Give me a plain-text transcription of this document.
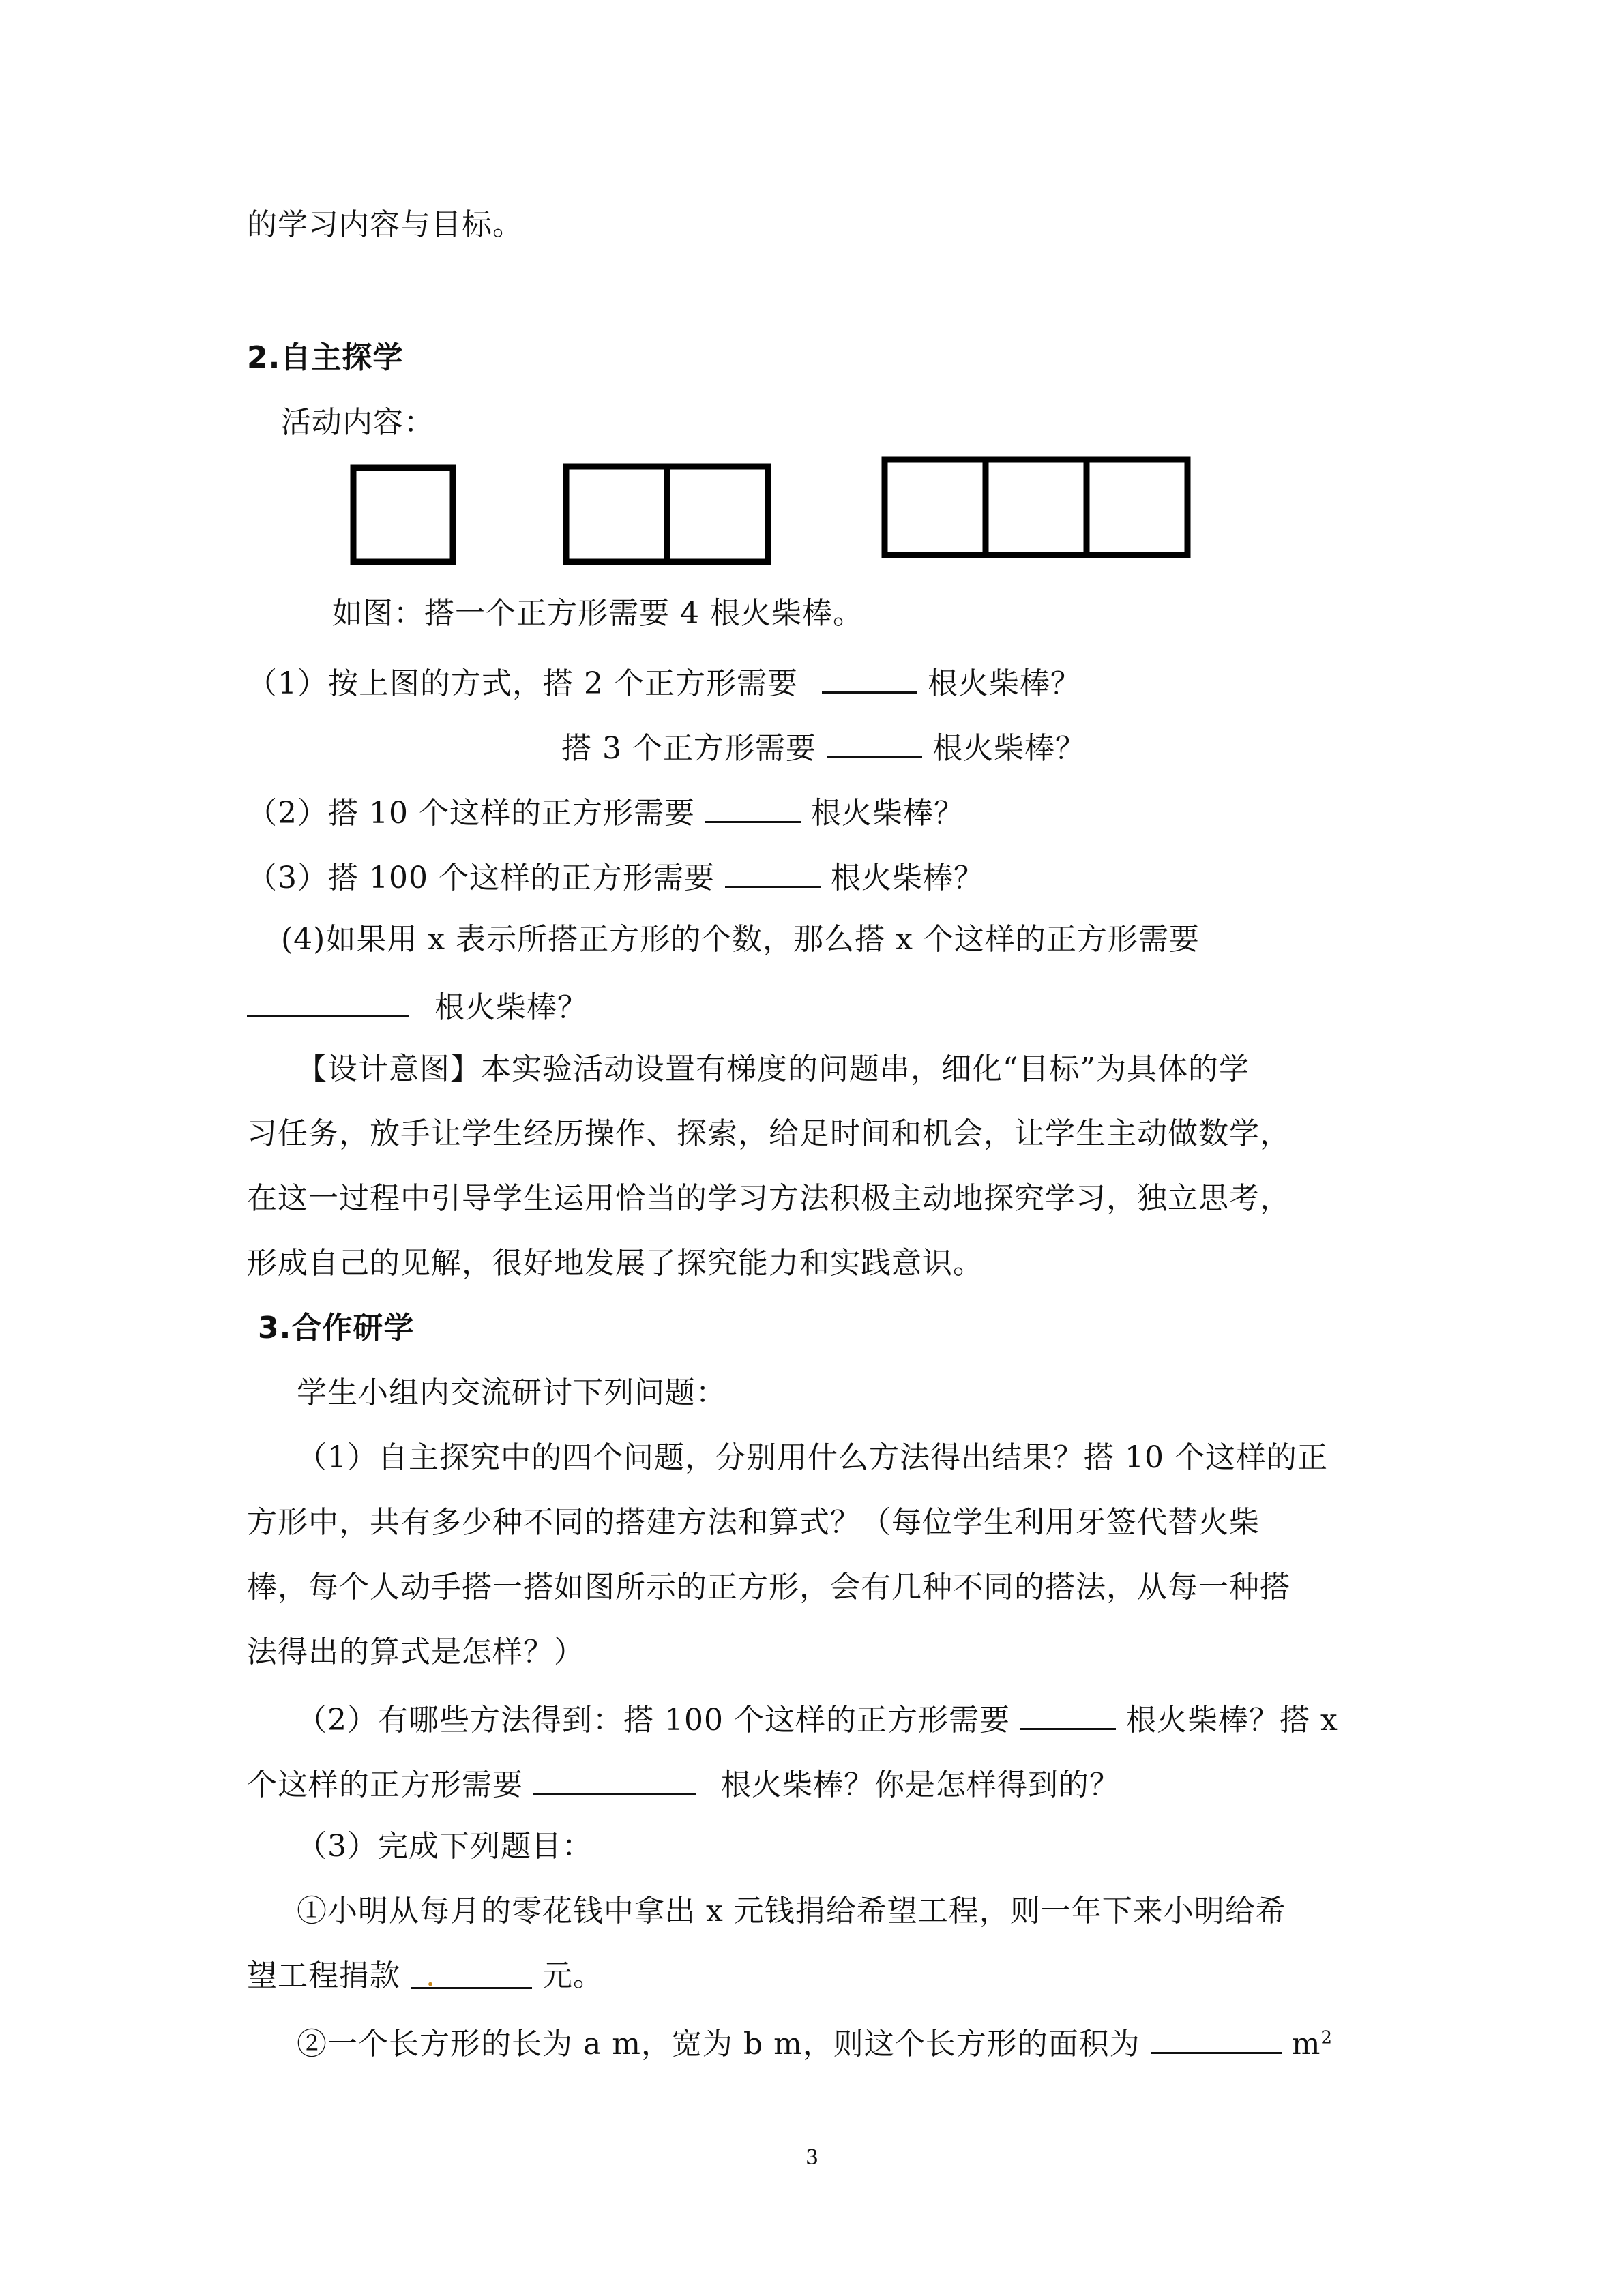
的学习内容与目标。
2.自主探学
活动内容：
如图：搭一个正方形需要 4 根火柴棒。
（1）按上图的方式，搭 2 个正方形需要	根火柴棒？
搭 3 个正方形需要	根火柴棒？
（2）搭 10 个这样的正方形需要	根火柴棒？
（3）搭 100 个这样的正方形需要	根火柴棒？
(4)如果用 x 表示所搭正方形的个数，那么搭 x 个这样的正方形需要
根火柴棒？
【设计意图】本实验活动设置有梯度的问题串，细化“目标”为具体的学
习任务，放手让学生经历操作、探索，给足时间和机会，让学生主动做数学，
在这一过程中引导学生运用恰当的学习方法积极主动地探究学习，独立思考，
形成自己的见解，很好地发展了探究能力和实践意识。
3.合作研学
学生小组内交流研讨下列问题：
（1）自主探究中的四个问题，分别用什么方法得出结果？搭 10 个这样的正
方形中，共有多少种不同的搭建方法和算式？（每位学生利用牙签代替火柴
棒，每个人动手搭一搭如图所示的正方形，会有几种不同的搭法，从每一种搭
法得出的算式是怎样？）
（2）有哪些方法得到：搭 100 个这样的正方形需要	根火柴棒？搭 x
个这样的正方形需要	根火柴棒？你是怎样得到的？
（3）完成下列题目：
①小明从每月的零花钱中拿出 x 元钱捐给希望工程，则一年下来小明给希
望工程捐款 .	元。
②一个长方形的长为 a m，宽为 b m，则这个长方形的面积为	$m^2$
3
